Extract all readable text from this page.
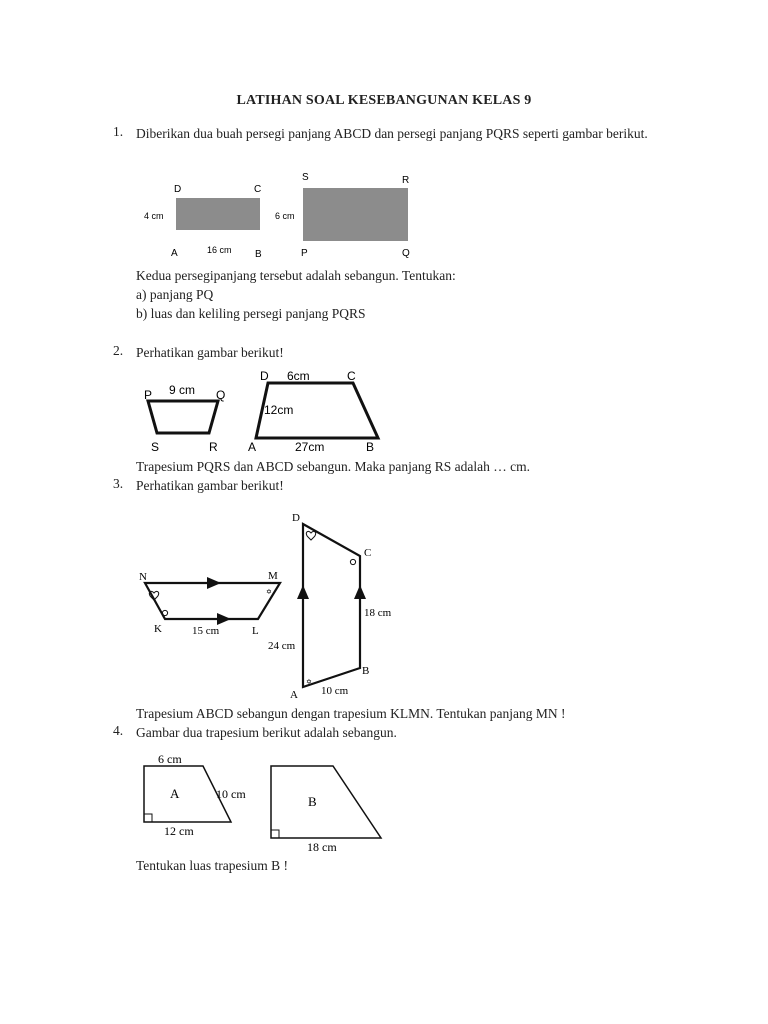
LATIHAN SOAL KESEBANGUNAN KELAS 9
1. Diberikan dua buah persegi panjang ABCD dan persegi panjang PQRS seperti gambar berikut.
D	C
A	B
4 cm
16 cm
S	R
P	Q
6 cm
Kedua persegipanjang tersebut adalah sebangun. Tentukan:
a) panjang PQ
b) luas dan keliling persegi panjang PQRS
2. Perhatikan gambar berikut!
P 9 cm Q
S	R
D 6cm	C
12cm
A	27cm	B
Trapesium PQRS dan ABCD sebangun. Maka panjang RS adalah … cm.
3. Perhatikan gambar berikut!
✡
N	M
K	15 cm	L
✡
D
C
18 cm
24 cm
B
A 10 cm
Trapesium ABCD sebangun dengan trapesium KLMN. Tentukan panjang MN !
4. Gambar dua trapesium berikut adalah sebangun.
6 cm
A	10 cm
12 cm
B
18 cm
Tentukan luas trapesium B !
